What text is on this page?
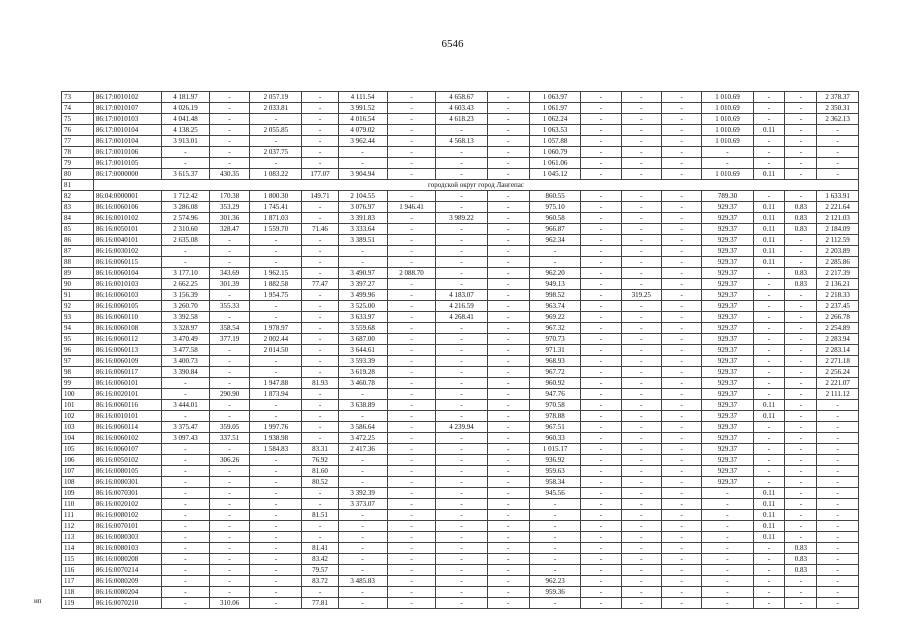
6546
73	86:17:0010102	4 181.97	-	2 057.19	-	4 111.54	-	4 658.67	-	1 063.97	-	-	-	1 010.69	-	-	2 378.37
74	86:17:0010107	4 026.19	-	2 033.81	-	3 991.52	-	4 603.43	-	1 061.97	-	-	-	1 010.69	-	-	2 350.31
75	86:17:0010103	4 041.48	-	-	-	4 016.54	-	4 618.23	-	1 062.24	-	-	-	1 010.69	-	-	2 362.13
76	86:17:0010104	4 138.25	-	2 055.85	-	4 079.02	-	-	-	1 063.53	-	-	-	1 010.69	0.11	-	-
77	86:17:0010104	3 913.01	-	-	-	3 962.44	-	4 568.13	-	1 057.88	-	-	-	1 010.69	-	-	-
78	86:17:0010106	-	-	2 037.75	-	-	-	-	-	1 060.79	-	-	-	-	-	-	-
79	86:17:0010105	-	-	-	-	-	-	-	-	1 061.06	-	-	-	-	-	-	-
80	86:17:0000000	3 615.37	430.35	1 083.22	177.07	3 904.94	-	-	-	1 045.12	-	-	-	1 010.69	0.11	-	-
81	городской округ город Лангепас																
82	86:04:0000001	1 712.42	170.38	1 800.30	149.71	2 104.55	-	-	-	860.55	-	-	-	789.30	-	-	1 633.91
83	86:16:0060106	3 286.08	353.29	1 745.41	-	3 076.97	1 946.41	-	-	975.10	-	-	-	929.37	0.11	0.83	2 221.64
84	86:16:0010102	2 574.96	301.36	1 871.03	-	3 391.83	-	3 989.22	-	960.58	-	-	-	929.37	0.11	0.83	2 121.03
85	86:16:0050101	2 310.60	328.47	1 559.70	71.46	3 333.64	-	-	-	966.87	-	-	-	929.37	0.11	0.83	2 184.09
86	86:16:0040101	2 635.08	-	-	-	3 389.51	-	-	-	962.34	-	-	-	929.37	0.11	-	2 112.59
87	86:16:0030102	-	-	-	-	-	-	-	-	-	-	-	-	929.37	0.11	-	2 203.89
88	86:16:0060115	-	-	-	-	-	-	-	-	-	-	-	-	929.37	0.11	-	2 285.86
89	86:16:0060104	3 177.10	343.69	1 962.15	-	3 490.97	2 088.70	-	-	962.20	-	-	-	929.37	-	0.83	2 217.39
90	86:16:0010103	2 662.25	301.39	1 882.58	77.47	3 397.27	-	-	-	949.13	-	-	-	929.37	-	0.83	2 136.21
91	86:16:0060103	3 156.39	-	1 954.75	-	3 499.96	-	4 183.07	-	998.52	-	319.25	-	929.37	-	-	2 218.33
92	86:16:0060105	3 260.70	355.33	-	-	3 525.00	-	4 216.59	-	963.74	-	-	-	929.37	-	-	2 237.45
93	86:16:0060110	3 392.58	-	-	-	3 633.97	-	4 268.41	-	969.22	-	-	-	929.37	-	-	2 266.78
94	86:16:0060108	3 328.97	358.54	1 978.97	-	3 559.68	-	-	-	967.32	-	-	-	929.37	-	-	2 254.89
95	86:16:0060112	3 470.49	377.19	2 002.44	-	3 687.00	-	-	-	970.73	-	-	-	929.37	-	-	2 283.94
96	86:16:0060113	3 477.58	-	2 014.50	-	3 644.61	-	-	-	971.31	-	-	-	929.37	-	-	2 283.14
97	86:16:0060109	3 400.73	-	-	-	3 593.39	-	-	-	968.93	-	-	-	929.37	-	-	2 271.18
98	86:16:0060117	3 390.84	-	-	-	3 619.28	-	-	-	967.72	-	-	-	929.37	-	-	2 256.24
99	86:16:0060101	-	-	1 947.88	81.93	3 460.78	-	-	-	960.92	-	-	-	929.37	-	-	2 221.07
100	86:16:0020101	-	290.90	1 873.94	-	-	-	-	-	947.76	-	-	-	929.37	-	-	2 111.12
101	86:16:0060116	3 444.01	-	-	-	3 638.89	-	-	-	970.58	-	-	-	929.37	0.11	-	-
102	86:16:0010101	-	-	-	-	-	-	-	-	978.88	-	-	-	929.37	0.11	-	-
103	86:16:0060114	3 375.47	359.05	1 997.76	-	3 586.64	-	4 239.94	-	967.51	-	-	-	929.37	-	-	-
104	86:16:0060102	3 097.43	337.51	1 938.98	-	3 472.25	-	-	-	960.33	-	-	-	929.37	-	-	-
105	86:16:0060107	-	-	1 584.83	83.31	2 417.36	-	-	-	1 015.17	-	-	-	929.37	-	-	-
106	86:16:0050102	-	306.26	-	76.92	-	-	-	-	936.92	-	-	-	929.37	-	-	-
107	86:16:0080105	-	-	-	81.60	-	-	-	-	959.63	-	-	-	929.37	-	-	-
108	86:16:0080301	-	-	-	80.52	-	-	-	-	958.34	-	-	-	929.37	-	-	-
109	86:16:0070301	-	-	-	-	3 392.39	-	-	-	945.56	-	-	-	-	0.11	-	-
110	86:16:0020102	-	-	-	-	3 373.07	-	-	-	-	-	-	-	-	0.11	-	-
111	86:16:0080102	-	-	-	81.51	-	-	-	-	-	-	-	-	-	0.11	-	-
112	86:16:0070101	-	-	-	-	-	-	-	-	-	-	-	-	-	0.11	-	-
113	86:16:0080303	-	-	-	-	-	-	-	-	-	-	-	-	-	0.11	-	-
114	86:16:0080103	-	-	-	81.41	-	-	-	-	-	-	-	-	-	-	0.83	-
115	86:16:0080208	-	-	-	83.42	-	-	-	-	-	-	-	-	-	-	0.83	-
116	86:16:0070214	-	-	-	79.57	-	-	-	-	-	-	-	-	-	-	0.83	-
117	86:16:0080209	-	-	-	83.72	3 485.83	-	-	-	962.23	-	-	-	-	-	-	-
118	86:16:0080204	-	-	-	-	-	-	-	-	959.36	-	-	-	-	-	-	-
119	86:16:0070210	-	310.06	-	77.81	-	-	-	-	-	-	-	-	-	-	-	-
ип
